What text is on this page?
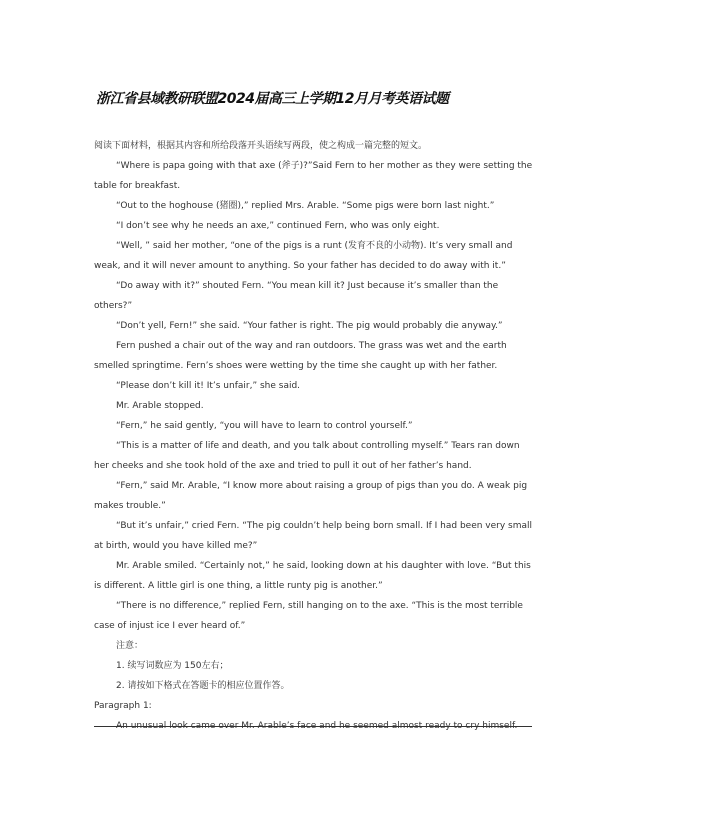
浙江省县域教研联盟2024届高三上学期12月月考英语试题

阅读下面材料，根据其内容和所给段落开头语续写两段，使之构成一篇完整的短文。

“Where is papa going with that axe (斧子)?”Said Fern to her mother as they were setting the table for breakfast.

“Out to the hoghouse (猪圈),” replied Mrs. Arable. “Some pigs were born last night.”

“I don’t see why he needs an axe,” continued Fern, who was only eight.

“Well, ” said her mother, “one of the pigs is a runt (发育不良的小动物). It’s very small and weak, and it will never amount to anything. So your father has decided to do away with it.”

“Do away with it?” shouted Fern. “You mean kill it? Just because it’s smaller than the others?”

“Don’t yell, Fern!” she said. “Your father is right. The pig would probably die anyway.”

Fern pushed a chair out of the way and ran outdoors. The grass was wet and the earth smelled springtime. Fern’s shoes were wetting by the time she caught up with her father.

“Please don’t kill it! It’s unfair,” she said.

Mr. Arable stopped.

“Fern,” he said gently, “you will have to learn to control yourself.”

“This is a matter of life and death, and you talk about controlling myself.” Tears ran down her cheeks and she took hold of the axe and tried to pull it out of her father’s hand.

“Fern,” said Mr. Arable, “I know more about raising a group of pigs than you do. A weak pig makes trouble.”

“But it’s unfair,” cried Fern. “The pig couldn’t help being born small. If I had been very small at birth, would you have killed me?”

Mr. Arable smiled. “Certainly not,” he said, looking down at his daughter with love. “But this is different. A little girl is one thing, a little runty pig is another.”

“There is no difference,” replied Fern, still hanging on to the axe. “This is the most terrible case of injust ice I ever heard of.”

注意：

1. 续写词数应为 150左右；

2. 请按如下格式在答题卡的相应位置作答。

Paragraph 1:

An unusual look came over Mr. Arable’s face and he seemed almost ready to cry himself.
